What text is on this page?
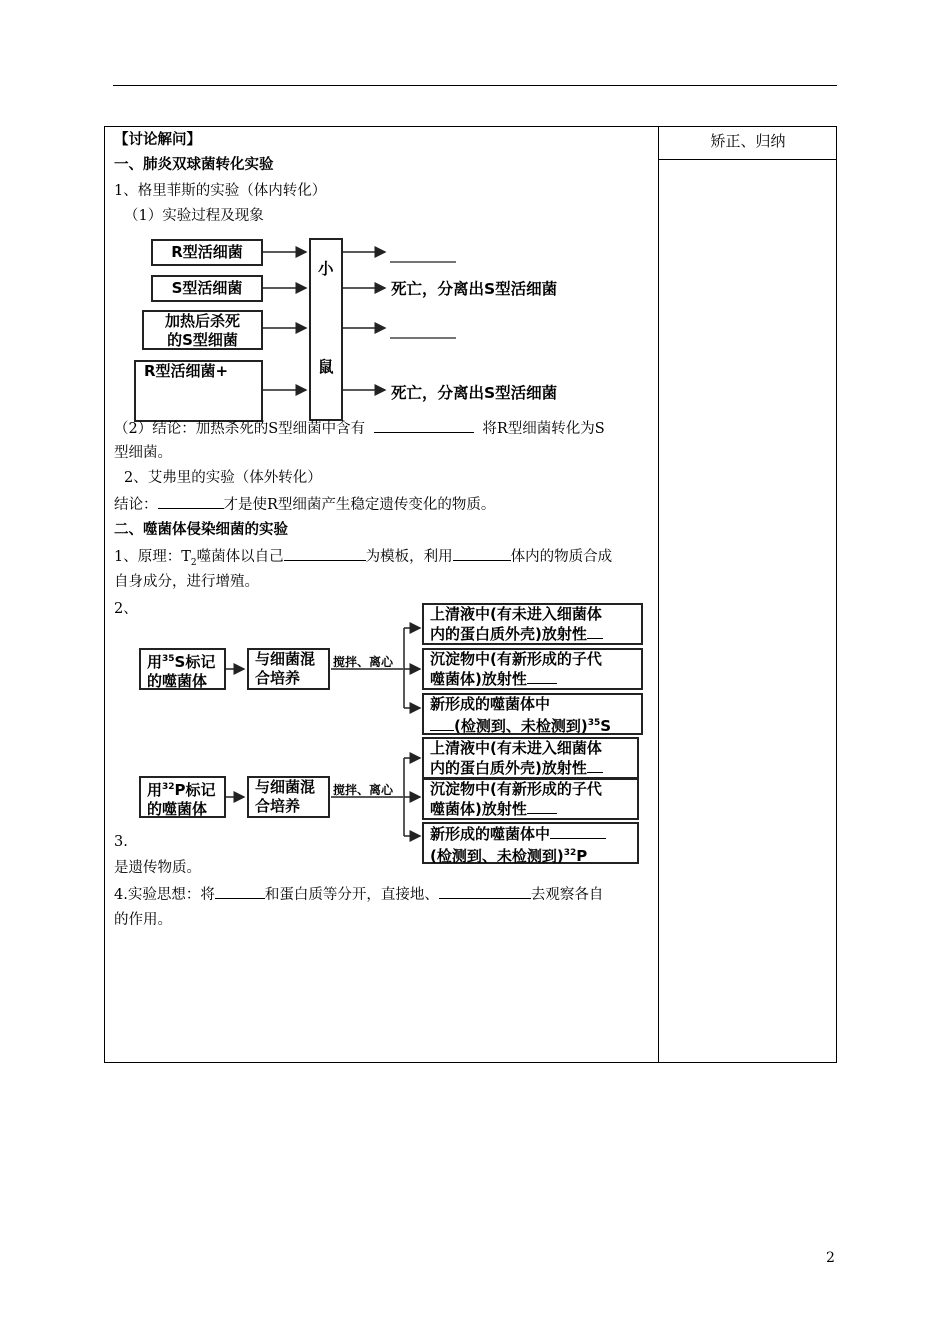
矫正、归纳
【讨论解问】
一、肺炎双球菌转化实验
1、格里菲斯的实验（体内转化）
（1）实验过程及现象
R型活细菌
S型活细菌
加热后杀死
的S型细菌
R型活细菌+
小
鼠
死亡，分离出S型活细菌
死亡，分离出S型活细菌
（2）结论：加热杀死的S型细菌中含有	将R型细菌转化为S
型细菌。
2、艾弗里的实验（体外转化）
结论：	才是使R型细菌产生稳定遗传变化的物质。
二、噬菌体侵染细菌的实验
1、原理：$T_2$噬菌体以自己	为模板，利用	体内的物质合成
自身成分，进行增殖。
2、
用$^{35}$S标记
的噬菌体
与细菌混
合培养
搅拌、离心
上清液中(有未进入细菌体
内的蛋白质外壳)放射性
沉淀物中(有新形成的子代
噬菌体)放射性
新形成的噬菌体中
(检测到、未检测到)$^{35}$S
用$^{32}$P标记
的噬菌体
与细菌混
合培养
搅拌、离心
上清液中(有未进入细菌体
内的蛋白质外壳)放射性
沉淀物中(有新形成的子代
噬菌体)放射性
新形成的噬菌体中
(检测到、未检测到)$^{32}$P
3.
是遗传物质。
4.实验思想：将	和蛋白质等分开，直接地、	去观察各自
的作用。
2
